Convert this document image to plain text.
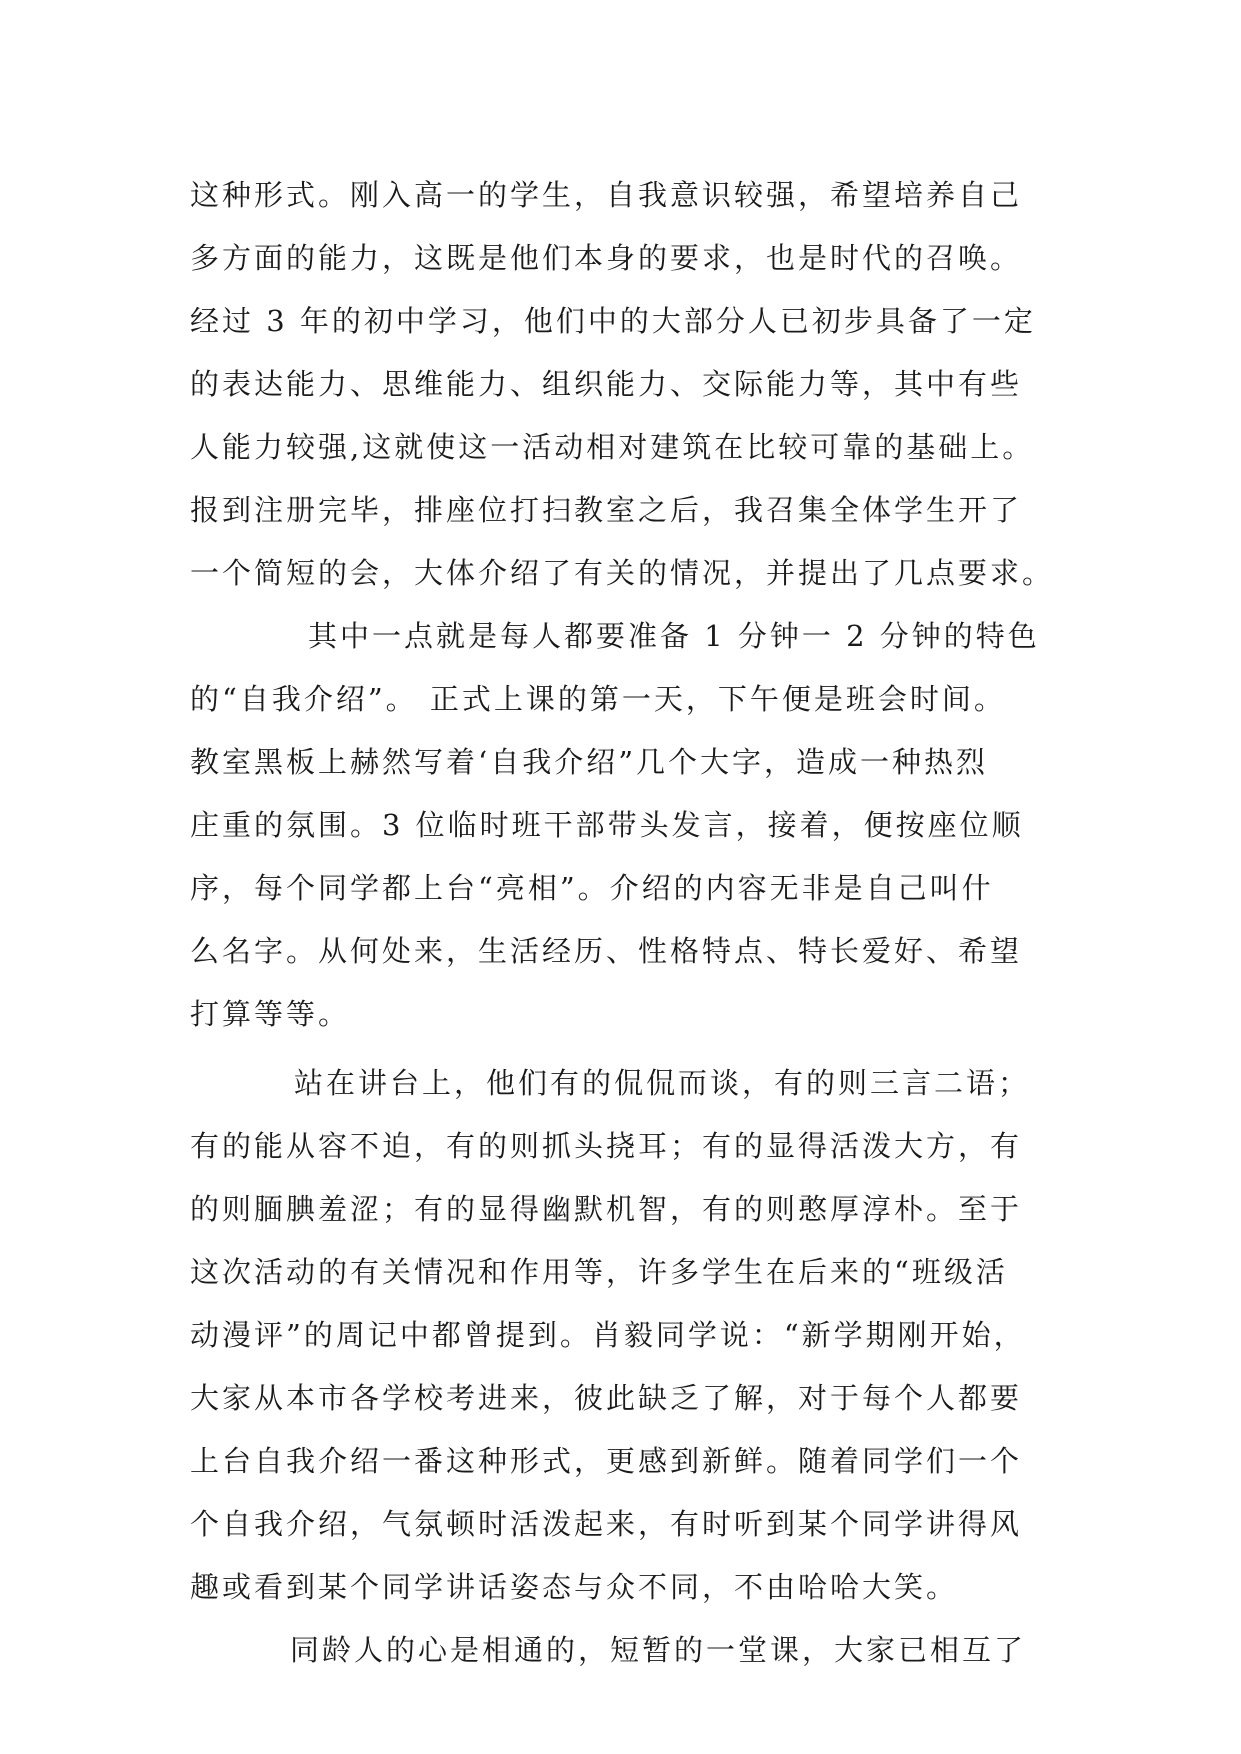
这种形式。刚入高一的学生，自我意识较强，希望培养自己

多方面的能力，这既是他们本身的要求，也是时代的召唤。

经过 3 年的初中学习，他们中的大部分人已初步具备了一定

的表达能力、思维能力、组织能力、交际能力等，其中有些

人能力较强,这就使这一活动相对建筑在比较可靠的基础上。

报到注册完毕，排座位打扫教室之后，我召集全体学生开了

一个简短的会，大体介绍了有关的情况，并提出了几点要求。

其中一点就是每人都要准备 1 分钟一 2 分钟的特色

的“自我介绍”。 正式上课的第一天，下午便是班会时间。

教室黑板上赫然写着‘自我介绍”几个大字，造成一种热烈

庄重的氛围。3 位临时班干部带头发言，接着，便按座位顺

序，每个同学都上台“亮相”。介绍的内容无非是自己叫什

么名字。从何处来，生活经历、性格特点、特长爱好、希望

打算等等。

站在讲台上，他们有的侃侃而谈，有的则三言二语；

有的能从容不迫，有的则抓头挠耳；有的显得活泼大方，有

的则腼腆羞涩；有的显得幽默机智，有的则憨厚淳朴。至于

这次活动的有关情况和作用等，许多学生在后来的“班级活

动漫评”的周记中都曾提到。肖毅同学说：“新学期刚开始，

大家从本市各学校考进来，彼此缺乏了解，对于每个人都要

上台自我介绍一番这种形式，更感到新鲜。随着同学们一个

个自我介绍，气氛顿时活泼起来，有时听到某个同学讲得风

趣或看到某个同学讲话姿态与众不同，不由哈哈大笑。

同龄人的心是相通的，短暂的一堂课，大家已相互了
